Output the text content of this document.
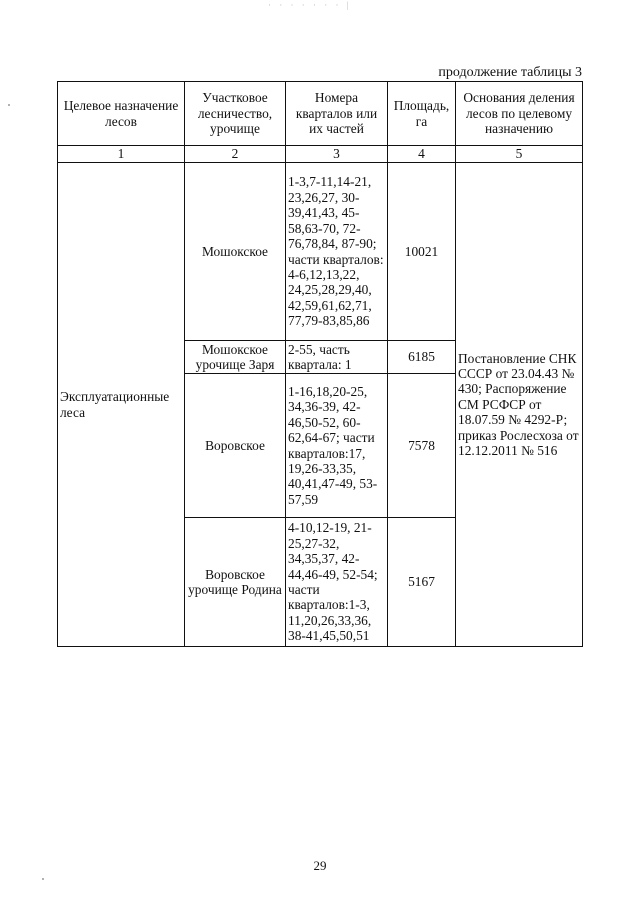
· · · · · · · |
продолжение таблицы 3
Целевое назначение лесов	Участковое лесничество, урочище	Номера кварталов или их частей	Площадь, га	Основания деления лесов по целевому назначению
1	2	3	4	5
Эксплуатационные леса	Мошокское	1-3,7-11,14-21, 23,26,27, 30-39,41,43, 45-58,63-70, 72-76,78,84, 87-90; части кварталов: 4-6,12,13,22, 24,25,28,29,40, 42,59,61,62,71, 77,79-83,85,86	10021	Постановление СНК СССР от 23.04.43 № 430; Распоряжение СМ РСФСР от 18.07.59 № 4292-Р; приказ Рослесхоза от 12.12.2011 № 516
	Мошокское урочище Заря	2-55, часть квартала: 1	6185	
	Воровское	1-16,18,20-25, 34,36-39, 42-46,50-52, 60-62,64-67; части кварталов:17, 19,26-33,35, 40,41,47-49, 53-57,59	7578	
	Воровское урочище Родина	4-10,12-19, 21-25,27-32, 34,35,37, 42-44,46-49, 52-54; части кварталов:1-3, 11,20,26,33,36, 38-41,45,50,51	5167	
29
